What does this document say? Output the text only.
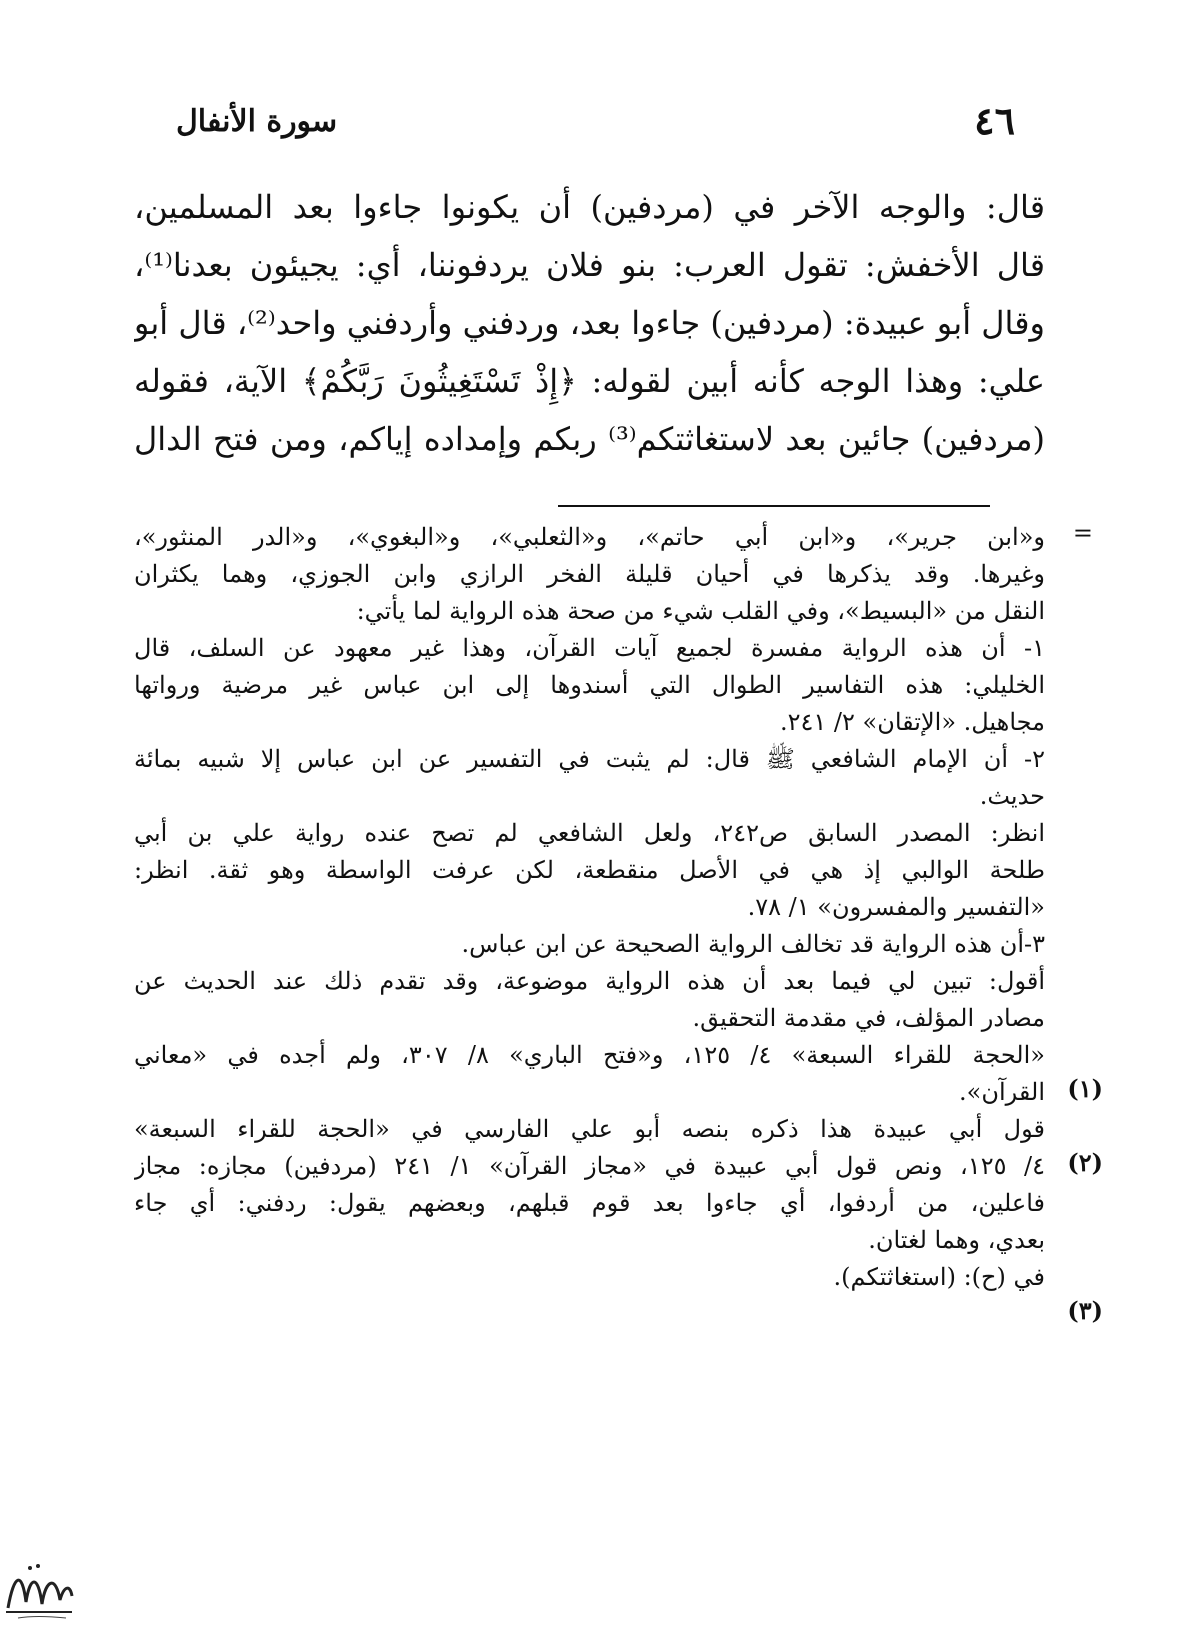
٤٦
سورة الأنفال
قال: والوجه الآخر في (مردفين) أن يكونوا جاءوا بعد المسلمين،
قال الأخفش: تقول العرب: بنو فلان يردفوننا، أي: يجيئون بعدنا⁽¹⁾،
وقال أبو عبيدة: (مردفين) جاءوا بعد، وردفني وأردفني واحد⁽²⁾، قال أبو
علي: وهذا الوجه كأنه أبين لقوله: ﴿إِذْ تَسْتَغِيثُونَ رَبَّكُمْ﴾ الآية، فقوله
(مردفين) جائين بعد لاستغاثتكم⁽³⁾ ربكم وإمداده إياكم، ومن فتح الدال
=
و«ابن جرير»، و«ابن أبي حاتم»، و«الثعلبي»، و«البغوي»، و«الدر المنثور»،
وغيرها. وقد يذكرها في أحيان قليلة الفخر الرازي وابن الجوزي، وهما يكثران
النقل من «البسيط»، وفي القلب شيء من صحة هذه الرواية لما يأتي:
١- أن هذه الرواية مفسرة لجميع آيات القرآن، وهذا غير معهود عن السلف، قال
الخليلي: هذه التفاسير الطوال التي أسندوها إلى ابن عباس غير مرضية ورواتها
مجاهيل. «الإتقان» ٢/ ٢٤١.
٢- أن الإمام الشافعي ﷺ قال: لم يثبت في التفسير عن ابن عباس إلا شبيه بمائة
حديث.
انظر: المصدر السابق ص٢٤٢، ولعل الشافعي لم تصح عنده رواية علي بن أبي
طلحة الوالبي إذ هي في الأصل منقطعة، لكن عرفت الواسطة وهو ثقة. انظر:
«التفسير والمفسرون» ١/ ٧٨.
٣-أن هذه الرواية قد تخالف الرواية الصحيحة عن ابن عباس.
أقول: تبين لي فيما بعد أن هذه الرواية موضوعة، وقد تقدم ذلك عند الحديث عن
مصادر المؤلف، في مقدمة التحقيق.
«الحجة للقراء السبعة» ٤/ ١٢٥، و«فتح الباري» ٨/ ٣٠٧، ولم أجده في «معاني
القرآن».
قول أبي عبيدة هذا ذكره بنصه أبو علي الفارسي في «الحجة للقراء السبعة»
٤/ ١٢٥، ونص قول أبي عبيدة في «مجاز القرآن» ١/ ٢٤١ (مردفين) مجازه: مجاز
فاعلين، من أردفوا، أي جاءوا بعد قوم قبلهم، وبعضهم يقول: ردفني: أي جاء
بعدي، وهما لغتان.
في (ح): (استغاثتكم).
(١)
(٢)
(٣)
